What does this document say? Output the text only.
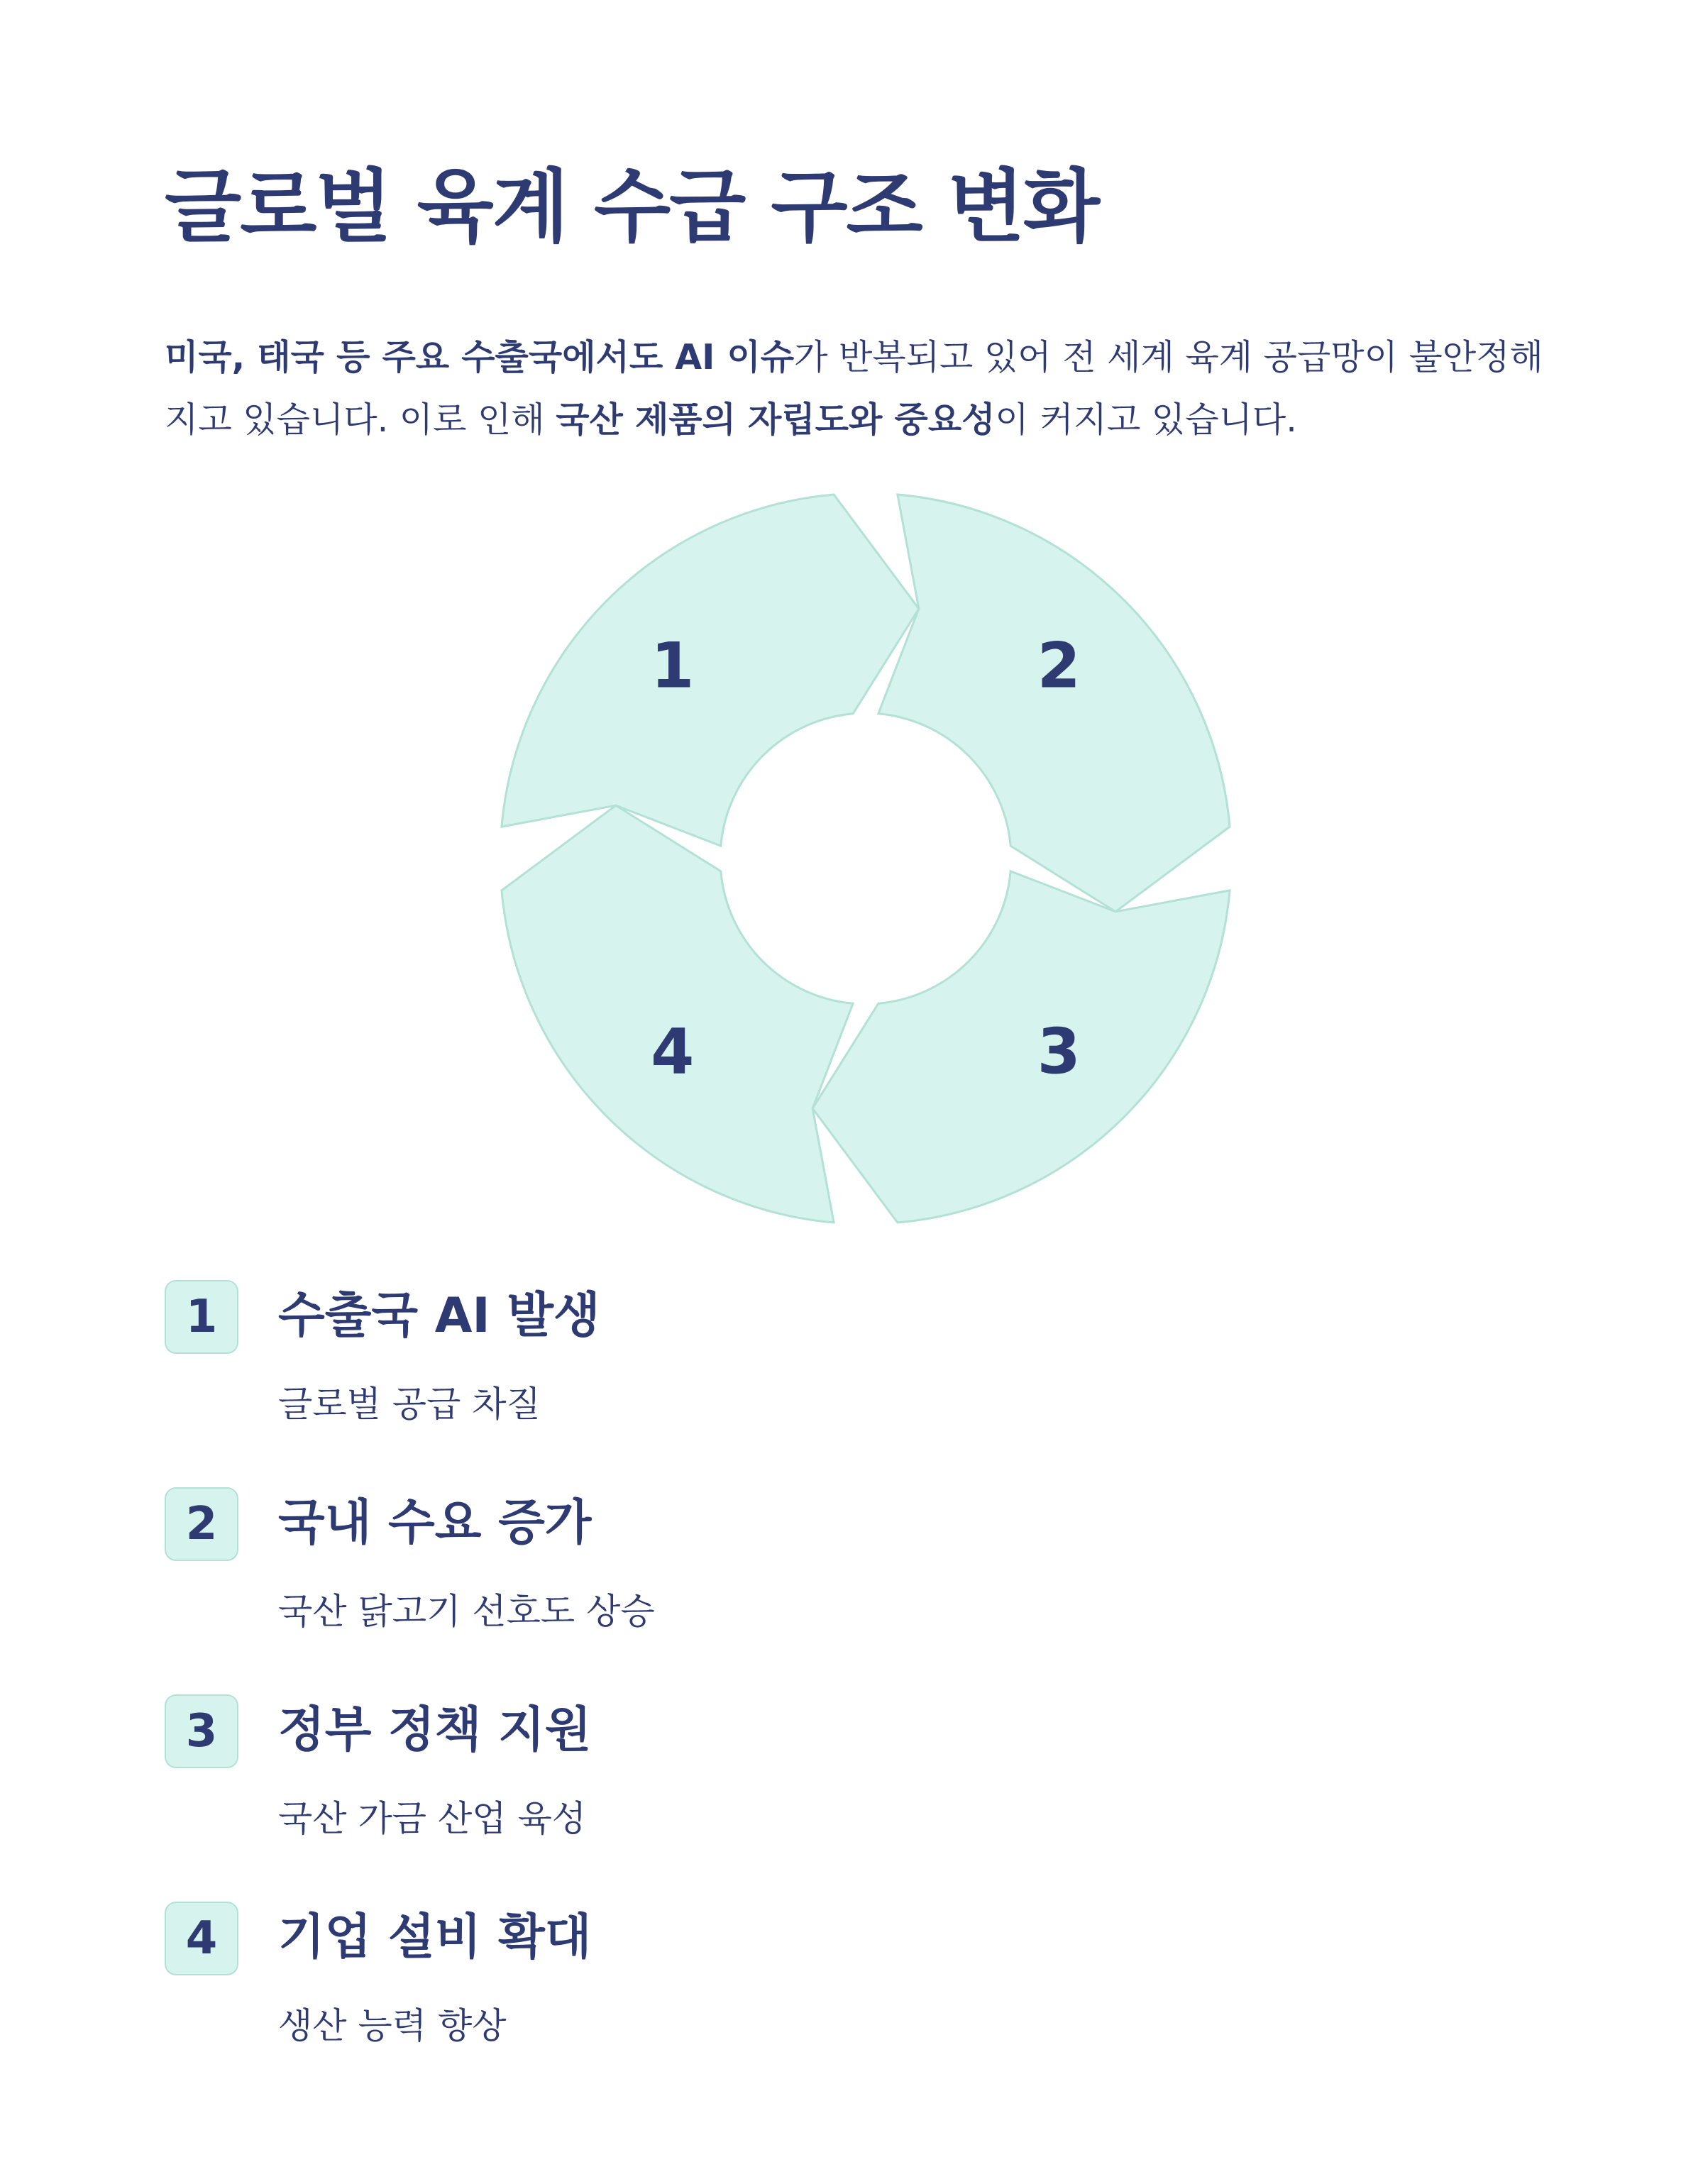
글로벌 육계 수급 구조 변화

미국, 태국 등 주요 수출국에서도 AI 이슈가 반복되고 있어 전 세계 육계 공급망이 불안정해지고 있습니다. 이로 인해 국산 제품의 자립도와 중요성이 커지고 있습니다.

1	2
3
4
1	수출국 AI 발생
글로벌 공급 차질
2	국내 수요 증가
국산 닭고기 선호도 상승
3	정부 정책 지원
국산 가금 산업 육성
4	기업 설비 확대
생산 능력 향상
